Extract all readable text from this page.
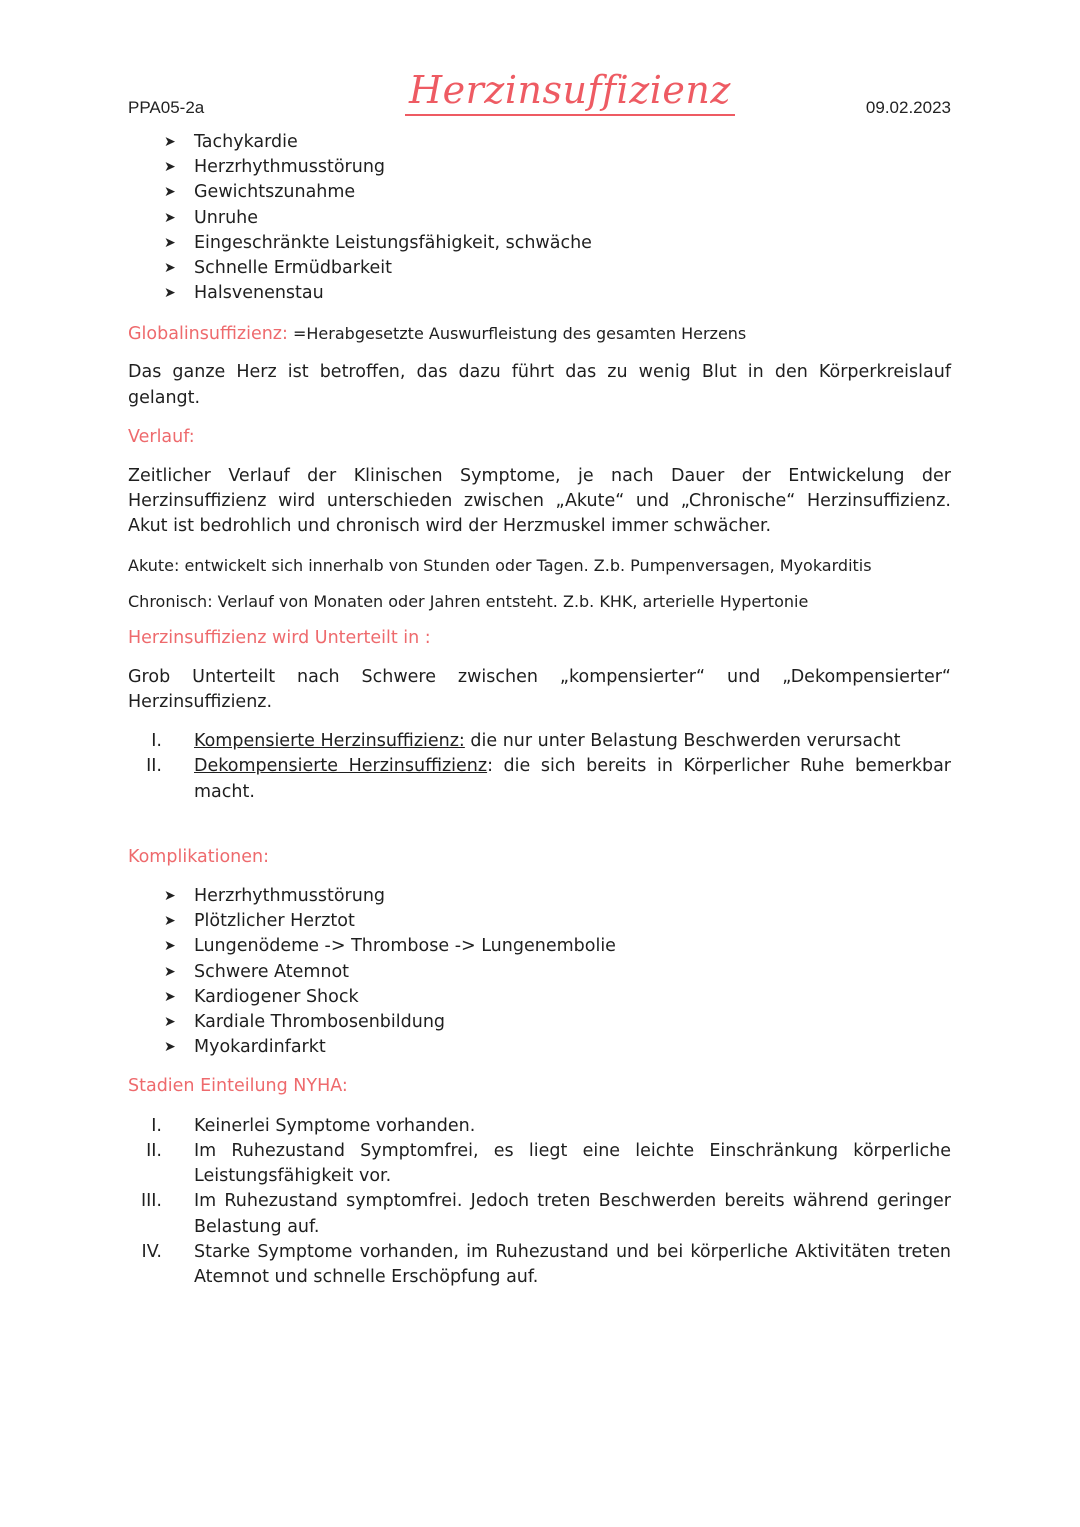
PPA05-2a	Herzinsuffizienz	09.02.2023
➤ Tachykardie
➤ Herzrhythmusstörung
➤ Gewichtszunahme
➤ Unruhe
➤ Eingeschränkte Leistungsfähigkeit, schwäche
➤ Schnelle Ermüdbarkeit
➤ Halsvenenstau

Globalinsuffizienz: =Herabgesetzte Auswurfleistung des gesamten Herzens

Das ganze Herz ist betroffen, das dazu führt das zu wenig Blut in den Körperkreislauf gelangt.

Verlauf:

Zeitlicher Verlauf der Klinischen Symptome, je nach Dauer der Entwickelung der Herzinsuffizienz wird unterschieden zwischen „Akute“ und „Chronische“ Herzinsuffizienz. Akut ist bedrohlich und chronisch wird der Herzmuskel immer schwächer.

Akute: entwickelt sich innerhalb von Stunden oder Tagen. Z.b. Pumpenversagen, Myokarditis

Chronisch: Verlauf von Monaten oder Jahren entsteht. Z.b. KHK, arterielle Hypertonie

Herzinsuffizienz wird Unterteilt in :

Grob Unterteilt nach Schwere zwischen „kompensierter“ und „Dekompensierter“ Herzinsuffizienz.

I. Kompensierte Herzinsuffizienz: die nur unter Belastung Beschwerden verursacht
II. Dekompensierte Herzinsuffizienz: die sich bereits in Körperlicher Ruhe bemerkbar macht.

Komplikationen:

➤ Herzrhythmusstörung
➤ Plötzlicher Herztot
➤ Lungenödeme -> Thrombose -> Lungenembolie
➤ Schwere Atemnot
➤ Kardiogener Shock
➤ Kardiale Thrombosenbildung
➤ Myokardinfarkt

Stadien Einteilung NYHA:

I. Keinerlei Symptome vorhanden.
II. Im Ruhezustand Symptomfrei, es liegt eine leichte Einschränkung körperliche Leistungsfähigkeit vor.
III. Im Ruhezustand symptomfrei. Jedoch treten Beschwerden bereits während geringer Belastung auf.
IV. Starke Symptome vorhanden, im Ruhezustand und bei körperliche Aktivitäten treten Atemnot und schnelle Erschöpfung auf.
